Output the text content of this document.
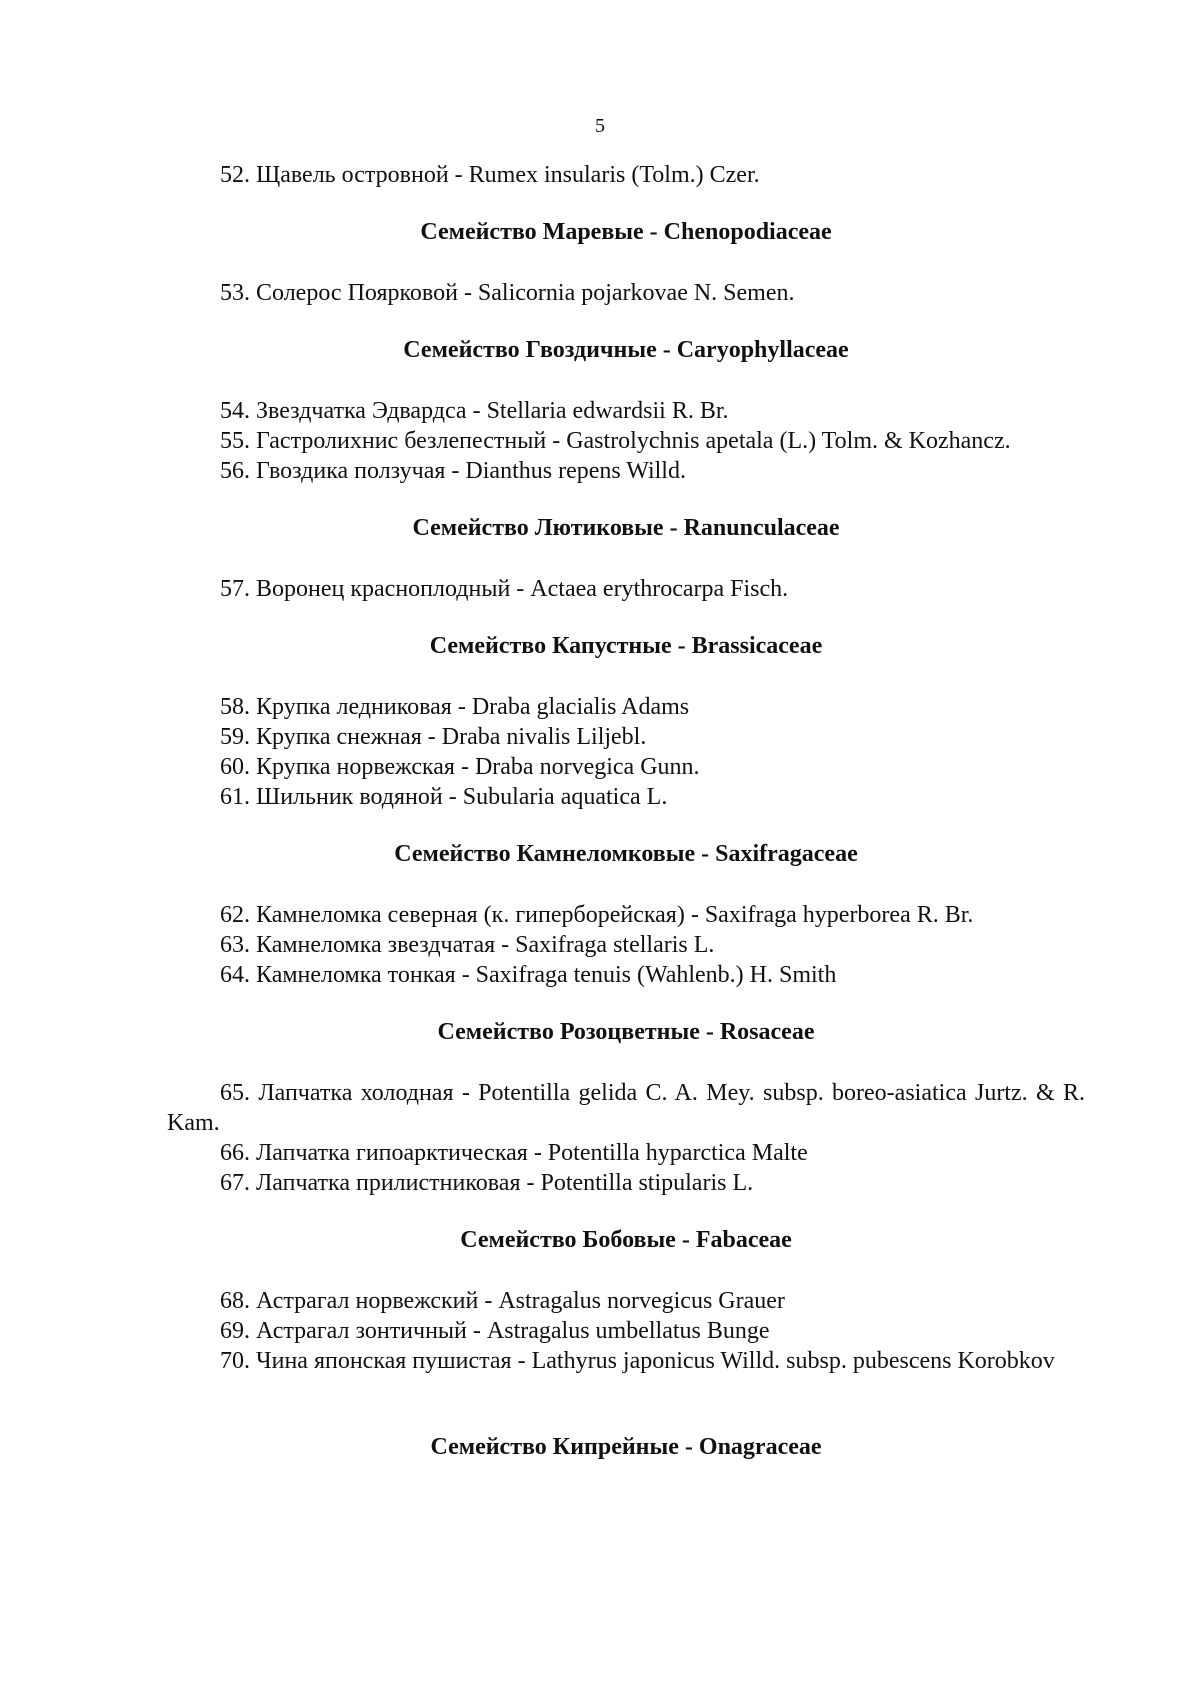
5

52. Щавель островной - Rumex insularis (Tolm.) Czer.

Семейство Маревые - Chenopodiaceae

53. Солерос Поярковой - Salicornia pojarkovae N. Semen.

Семейство Гвоздичные - Caryophyllaceae

54. Звездчатка Эдвардса - Stellaria edwardsii R. Br.

55. Гастролихнис безлепестный - Gastrolychnis apetala (L.) Tolm. & Kozhancz.

56. Гвоздика ползучая - Dianthus repens Willd.

Семейство Лютиковые - Ranunculaceae

57. Воронец краснoплодный - Actaea erythrocarpa Fisch.

Семейство Капустные - Brassicaceae

58. Крупка ледниковая - Draba glacialis Adams

59. Крупка снежная - Draba nivalis Liljebl.

60. Крупка норвежская - Draba norvegica Gunn.

61. Шильник водяной - Subularia aquatica L.

Семейство Камнеломковые - Saxifragaceae

62. Камнеломка северная (к. гиперборейская) - Saxifraga hyperborea R. Br.

63. Камнеломка звездчатая - Saxifraga stellaris L.

64. Камнеломка тонкая - Saxifraga tenuis (Wahlenb.) H. Smith

Семейство Розоцветные - Rosaceae

65. Лапчатка холодная - Potentilla gelida C. A. Mey. subsp. boreo-asiatica Jurtz. & R. Kam.

66. Лапчатка гипоарктическая - Potentilla hyparctica Malte

67. Лапчатка прилистниковая - Potentilla stipularis L.

Семейство Бобовые - Fabaceae

68. Астрагал норвежский - Astragalus norvegicus Grauer

69. Астрагал зонтичный - Astragalus umbellatus Bunge

70. Чина японская пушистая - Lathyrus japonicus Willd. subsp. pubescens Korobkov

Семейство Кипрейные - Onagraceae
